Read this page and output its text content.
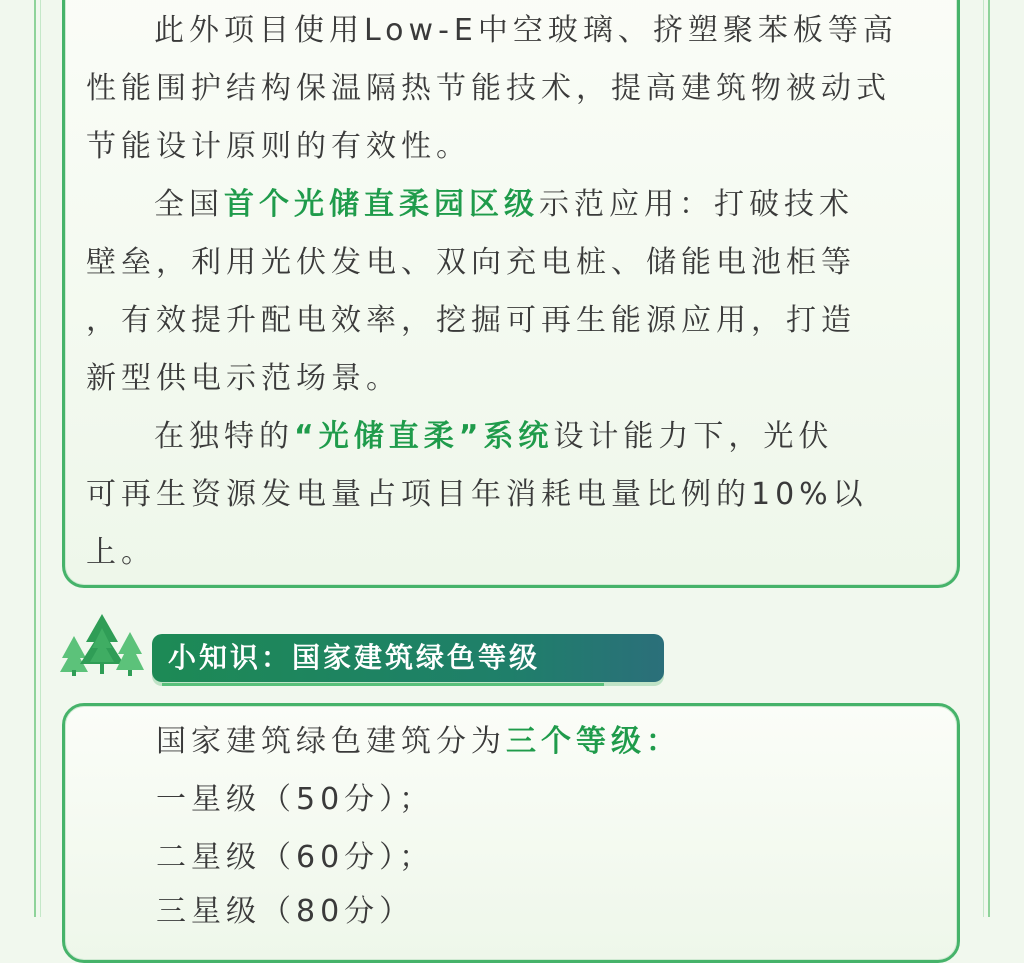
此外项目使用Low-E中空玻璃、挤塑聚苯板等高

性能围护结构保温隔热节能技术，提高建筑物被动式

节能设计原则的有效性。

全国首个光储直柔园区级示范应用：打破技术

壁垒，利用光伏发电、双向充电桩、储能电池柜等

，有效提升配电效率，挖掘可再生能源应用，打造

新型供电示范场景。

在独特的“光储直柔”系统设计能力下，光伏

可再生资源发电量占项目年消耗电量比例的10%以

上。

小知识：国家建筑绿色等级
国家建筑绿色建筑分为三个等级：
一星级（50分）；
二星级（60分）；
三星级（80分）
